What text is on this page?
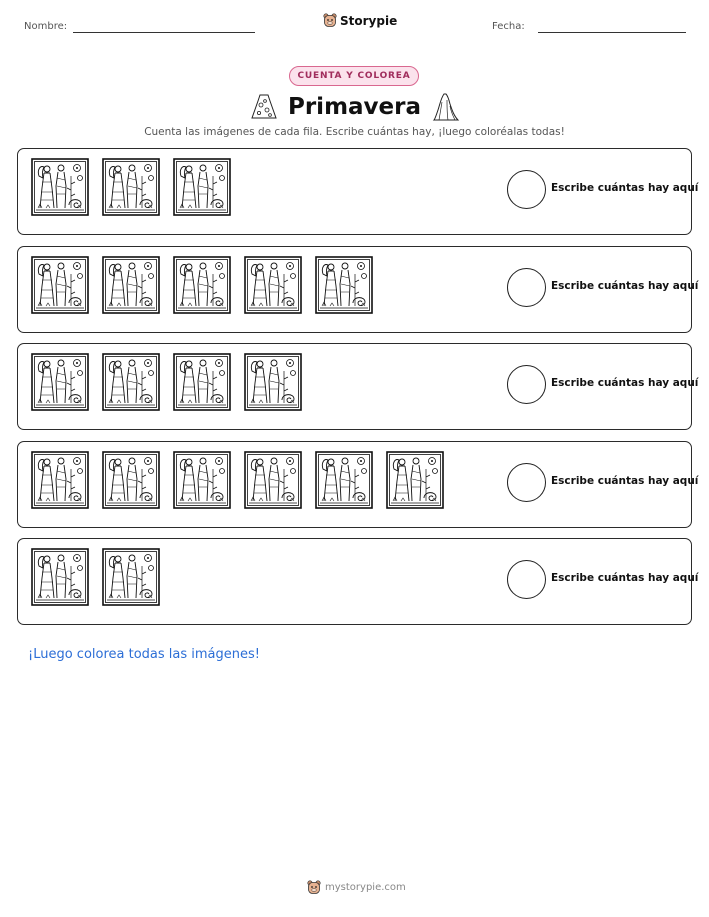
Nombre:	Storypie	Fecha:
CUENTA Y COLOREA
Primavera
Cuenta las imágenes de cada fila. Escribe cuántas hay, ¡luego coloréalas todas!
Escribe cuántas hay aquí
Escribe cuántas hay aquí
Escribe cuántas hay aquí
Escribe cuántas hay aquí
Escribe cuántas hay aquí
¡Luego colorea todas las imágenes!
mystorypie.com
